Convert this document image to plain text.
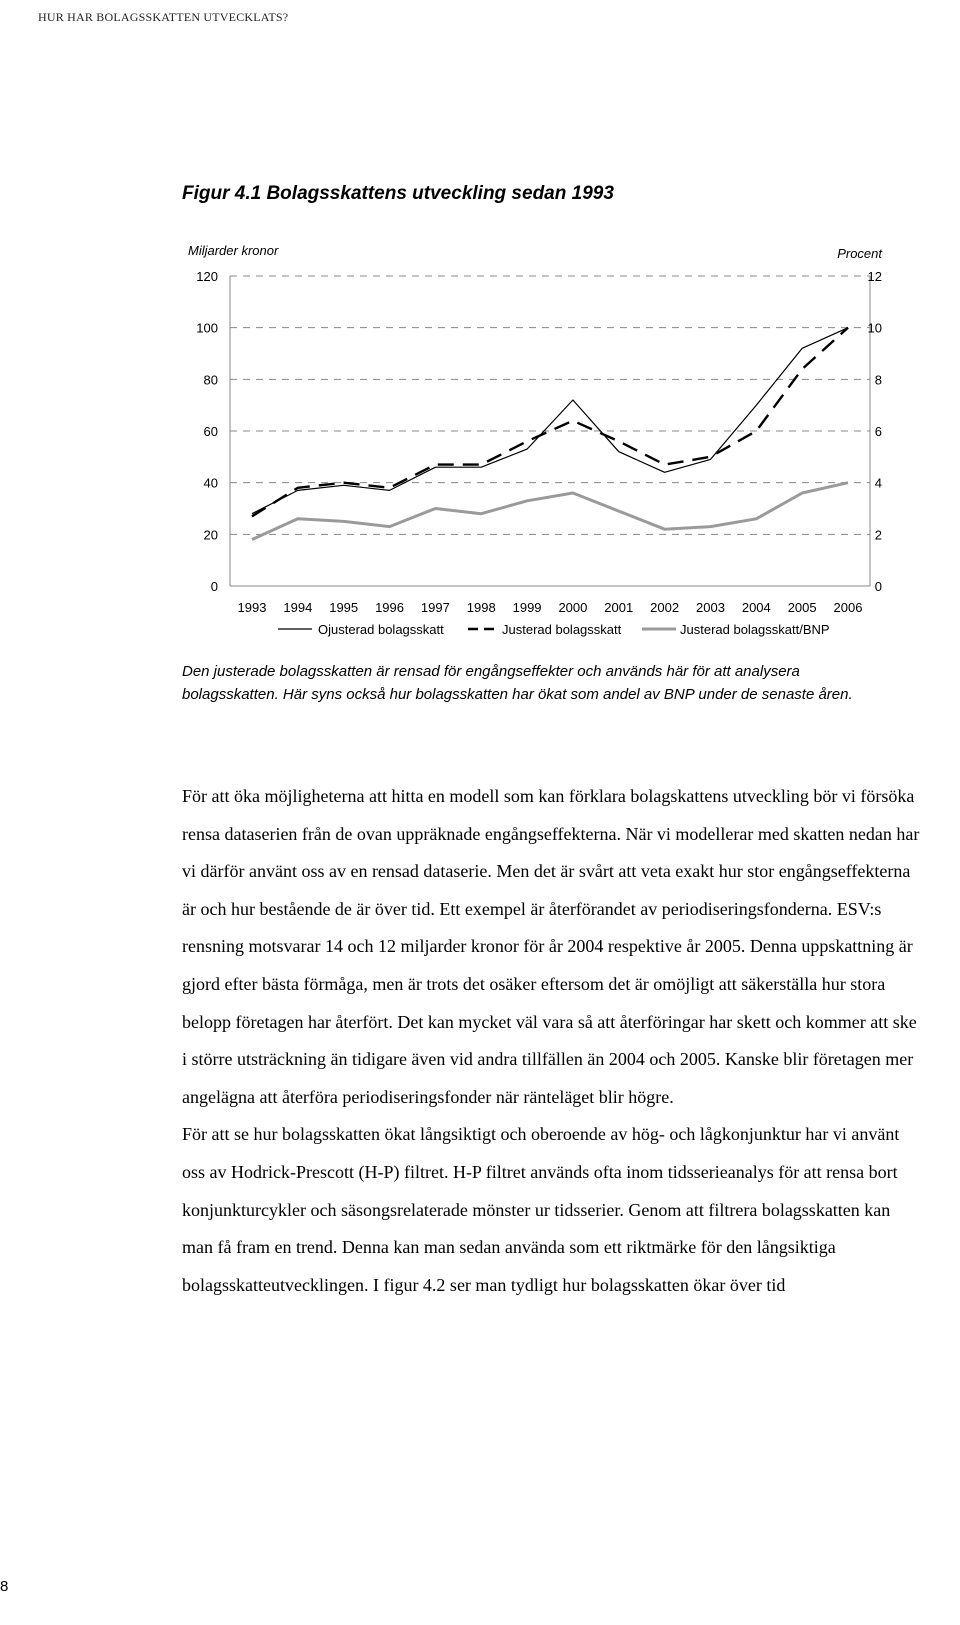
HUR HAR BOLAGSSKATTEN UTVECKLATS?
Figur 4.1 Bolagsskattens utveckling sedan 1993
0
20
40
60
80
100
120
0
2
4
6
8
10
12
1993 1994 1995 1996 1997 1998 1999 2000 2001 2002 2003 2004 2005 2006
Miljarder kronor	Procent
Ojusterad bolagsskatt	Justerad bolagsskatt	Justerad bolagsskatt/BNP
Den justerade bolagsskatten är rensad för engångseffekter och används här för att analysera bolagsskatten. Här syns också hur bolagsskatten har ökat som andel av BNP under de senaste åren.

För att öka möjligheterna att hitta en modell som kan förklara bolagskattens utveckling bör vi försöka rensa dataserien från de ovan uppräknade engångseffekterna. När vi modellerar med skatten nedan har vi därför använt oss av en rensad dataserie. Men det är svårt att veta exakt hur stor engångseffekterna är och hur bestående de är över tid. Ett exempel är återförandet av periodiseringsfonderna. ESV:s rensning motsvarar 14 och 12 miljarder kronor för år 2004 respektive år 2005. Denna uppskattning är gjord efter bästa förmåga, men är trots det osäker eftersom det är omöjligt att säkerställa hur stora belopp företagen har återfört. Det kan mycket väl vara så att återföringar har skett och kommer att ske i större utsträckning än tidigare även vid andra tillfällen än 2004 och 2005. Kanske blir företagen mer angelägna att återföra periodiseringsfonder när ränteläget blir högre.

För att se hur bolagsskatten ökat långsiktigt och oberoende av hög- och lågkonjunktur har vi använt oss av Hodrick-Prescott (H-P) filtret. H-P filtret används ofta inom tidsserieanalys för att rensa bort konjunkturcykler och säsongsrelaterade mönster ur tidsserier. Genom att filtrera bolagsskatten kan man få fram en trend. Denna kan man sedan använda som ett riktmärke för den långsiktiga bolagsskatteutvecklingen. I figur 4.2 ser man tydligt hur bolagsskatten ökar över tid

8
